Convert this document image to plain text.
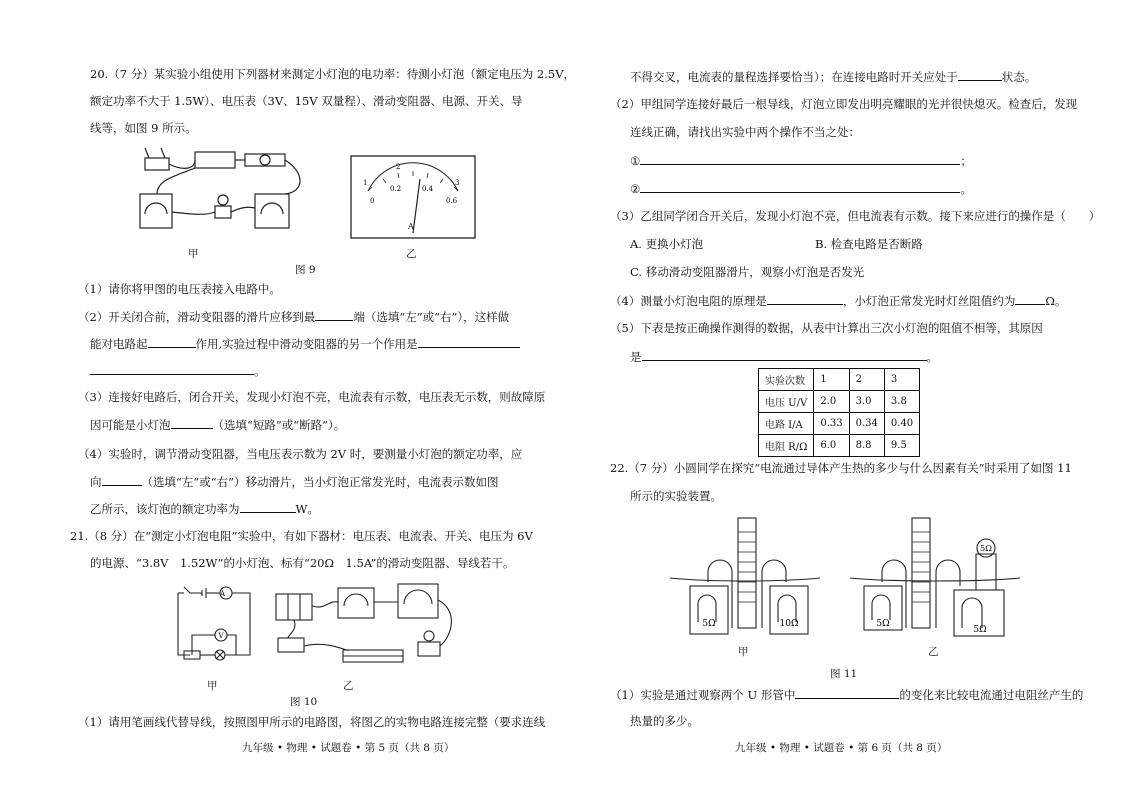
20.（7 分）某实验小组使用下列器材来测定小灯泡的电功率：待测小灯泡（额定电压为 2.5V，
额定功率不大于 1.5W）、电压表（3V、15V 双量程）、滑动变阻器、电源、开关、导
线等，如图 9 所示。
甲
1
2
3
0
0.2	0.4
0.6
A
乙
图 9
（1）请你将甲图的电压表接入电路中。
（2）开关闭合前，滑动变阻器的滑片应移到最	端（选填“左”或“右”），这样做
能对电路起	作用,实验过程中滑动变阻器的另一个作用是
。
（3）连接好电路后，闭合开关，发现小灯泡不亮，电流表有示数，电压表无示数，则故障原
因可能是小灯泡	（选填“短路”或“断路”）。
（4）实验时，调节滑动变阻器，当电压表示数为 2V 时，要测量小灯泡的额定功率，应
向	（选填“左”或“右”）移动滑片，当小灯泡正常发光时，电流表示数如图
乙所示，该灯泡的额定功率为	W。
21.（8 分）在“测定小灯泡电阻”实验中，有如下器材：电压表、电流表、开关、电压为 6V
的电源、“3.8V　1.52W”的小灯泡、标有“20Ω　1.5A”的滑动变阻器、导线若干。
A
V
甲	乙
图 10
（1）请用笔画线代替导线，按照图甲所示的电路图，将图乙的实物电路连接完整（要求连线
九年级 • 物理 • 试题卷 • 第 5 页（共 8 页）
不得交叉，电流表的量程选择要恰当）；在连接电路时开关应处于	状态。
（2）甲组同学连接好最后一根导线，灯泡立即发出明亮耀眼的光并很快熄灭。检查后，发现
连线正确，请找出实验中两个操作不当之处：
①	；
②	。
（3）乙组同学闭合开关后，发现小灯泡不亮，但电流表有示数。接下来应进行的操作是（　　）
A. 更换小灯泡	B. 检查电路是否断路
C. 移动滑动变阻器滑片，观察小灯泡是否发光
（4）测量小灯泡电阻的原理是	，小灯泡正常发光时灯丝阻值约为	Ω。
（5）下表是按正确操作测得的数据，从表中计算出三次小灯泡的阻值不相等，其原因
是	。
实验次数	1	2	3
电压 U/V	2.0	3.0	3.8
电路 I/A	0.33	0.34	0.40
电阻 R/Ω	6.0	8.8	9.5
22.（7 分）小圆同学在探究“电流通过导体产生热的多少与什么因素有关”时采用了如图 11
所示的实验装置。
5Ω	10Ω
甲
5Ω
5Ω
5Ω
乙
图 11
（1）实验是通过观察两个 U 形管中	的变化来比较电流通过电阻丝产生的
热量的多少。
九年级 • 物理 • 试题卷 • 第 6 页（共 8 页）
